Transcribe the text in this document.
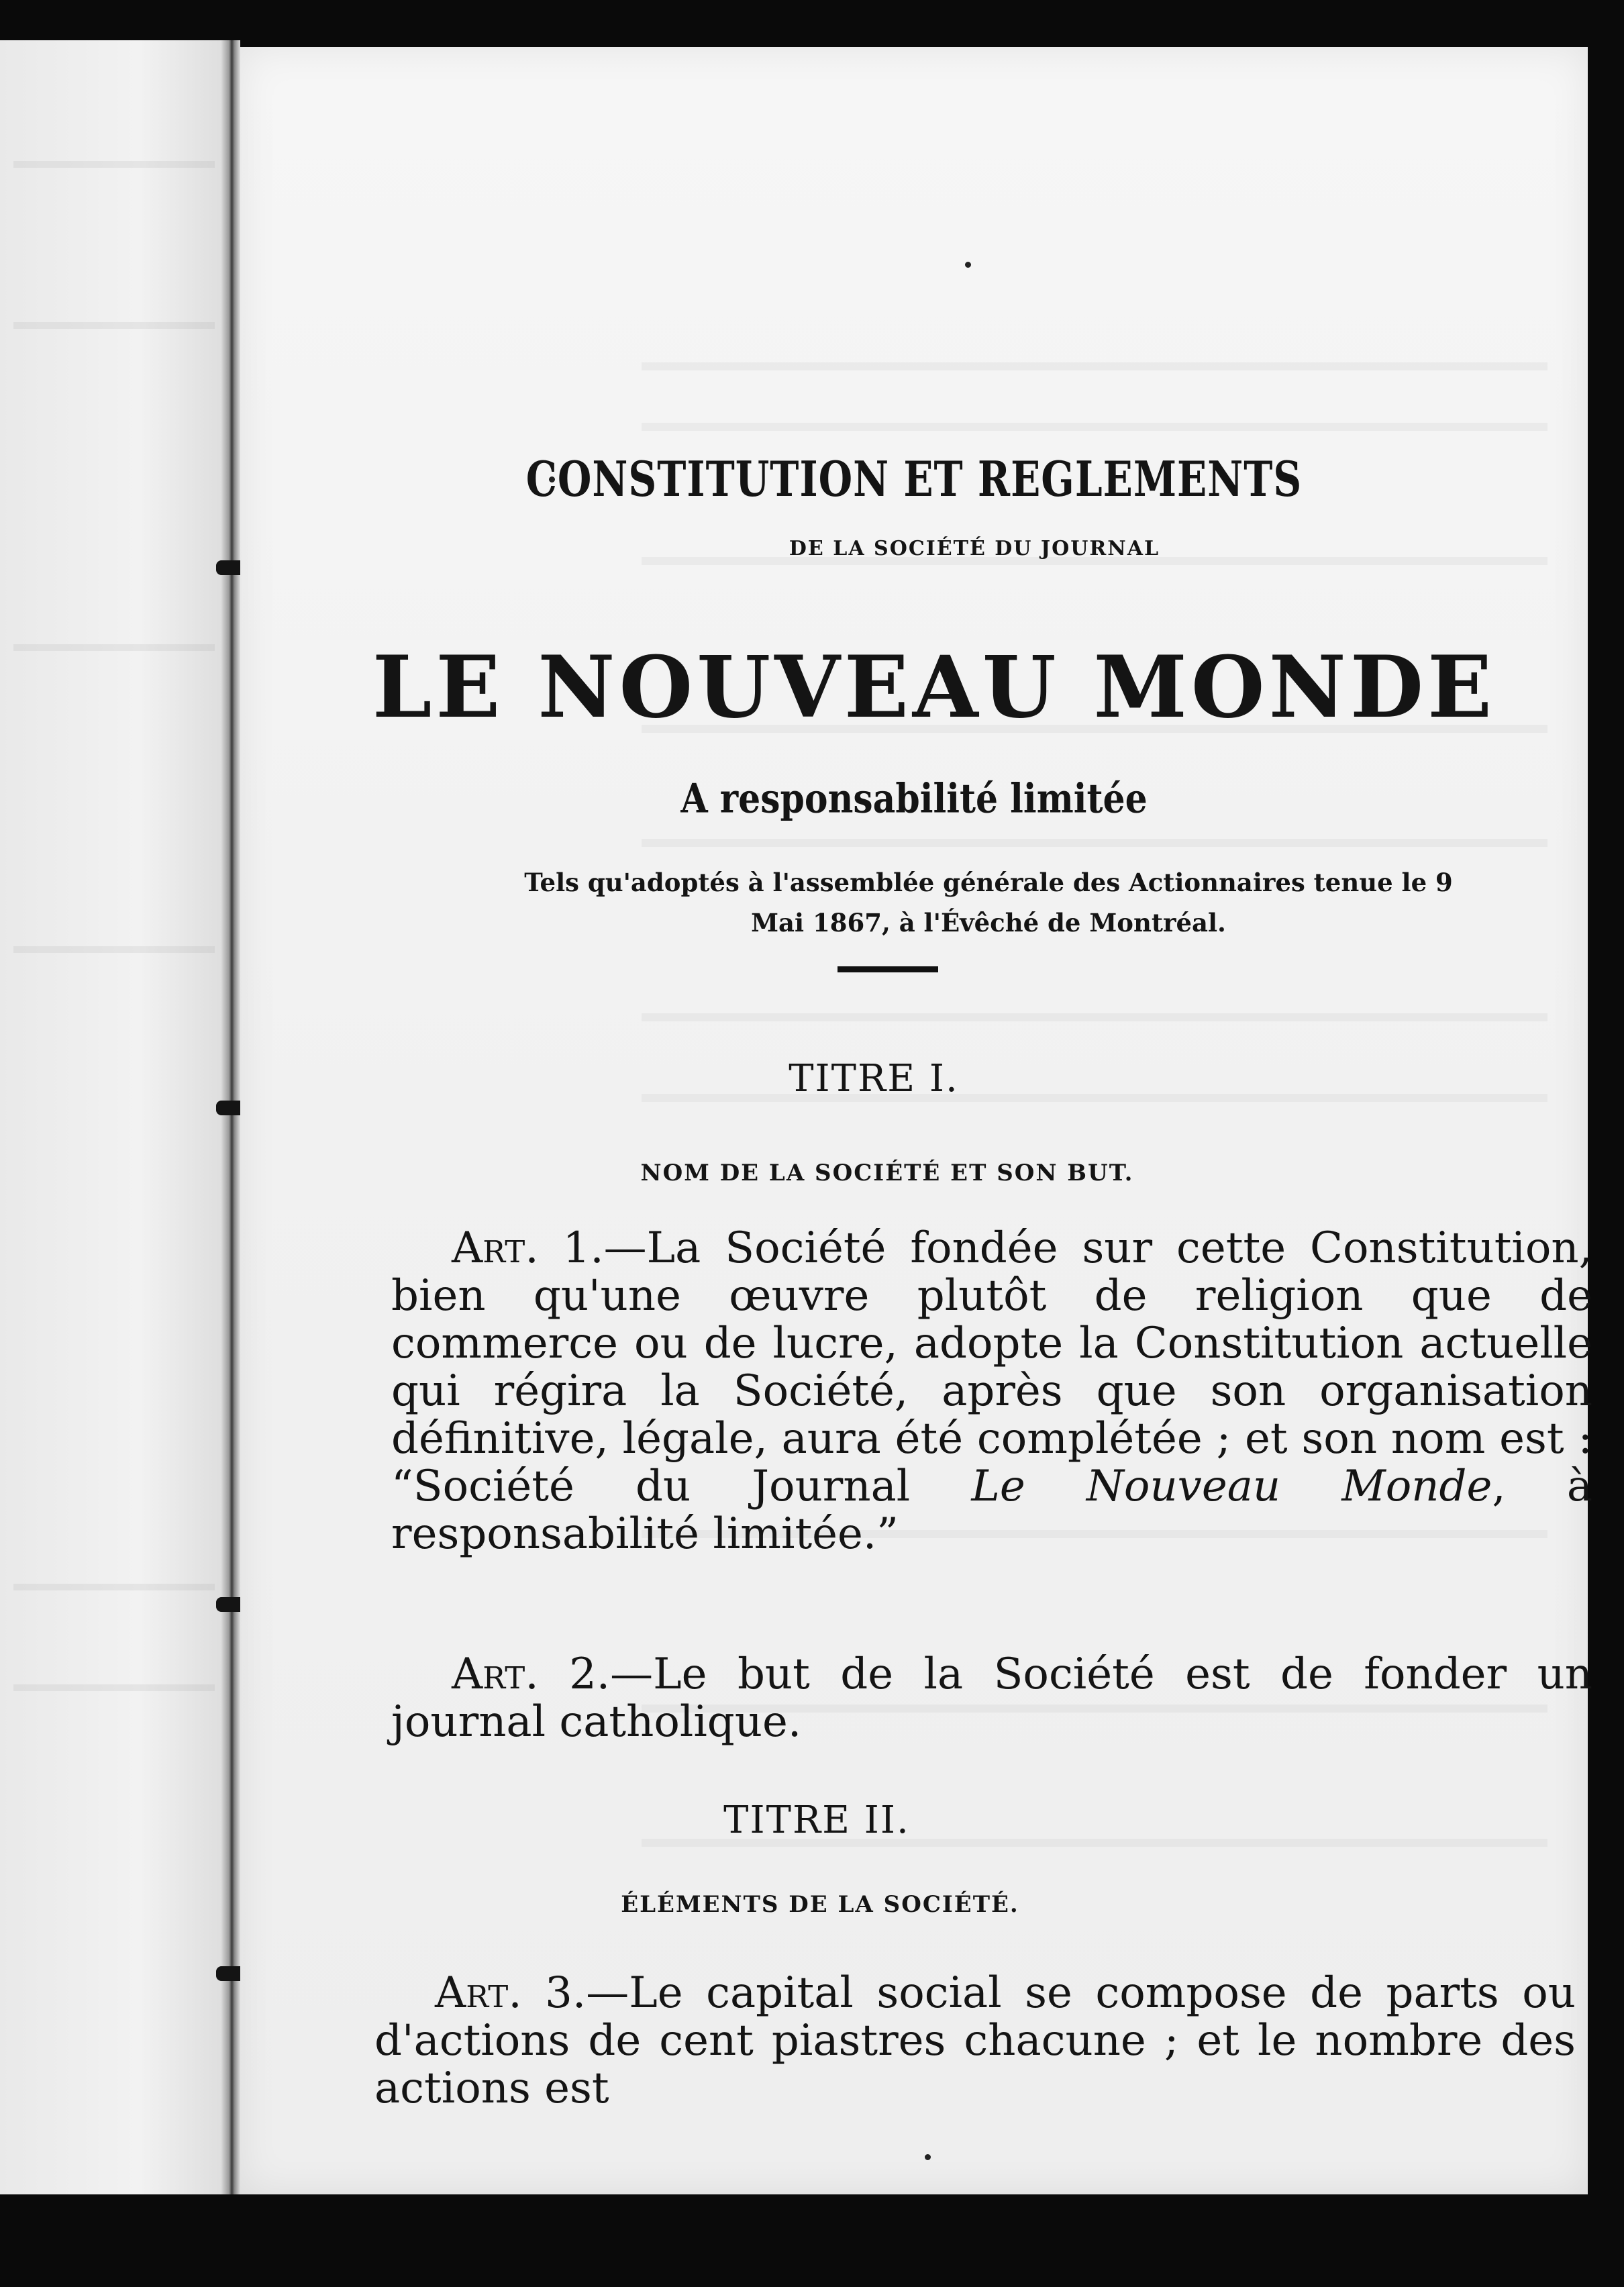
CONSTITUTION ET REGLEMENTS
DE LA SOCIÉTÉ DU JOURNAL
LE NOUVEAU MONDE
A responsabilité limitée
Tels qu'adoptés à l'assemblée générale des Actionnaires tenue le 9
Mai 1867, à l'Évêché de Montréal.
TITRE I.
NOM DE LA SOCIÉTÉ ET SON BUT.
Art. 1.—La Société fondée sur cette Constitution, bien qu'une œuvre plutôt de religion que de commerce ou de lucre, adopte la Constitution actuelle qui régira la Société, après que son organisation définitive, légale, aura été complétée ; et son nom est : “Société du Journal Le Nouveau Monde, à responsabilité limitée.”
Art. 2.—Le but de la Société est de fonder un journal catholique.
TITRE II.
ÉLÉMENTS DE LA SOCIÉTÉ.
Art. 3.—Le capital social se compose de parts ou d'actions de cent piastres chacune ; et le nombre des actions est
